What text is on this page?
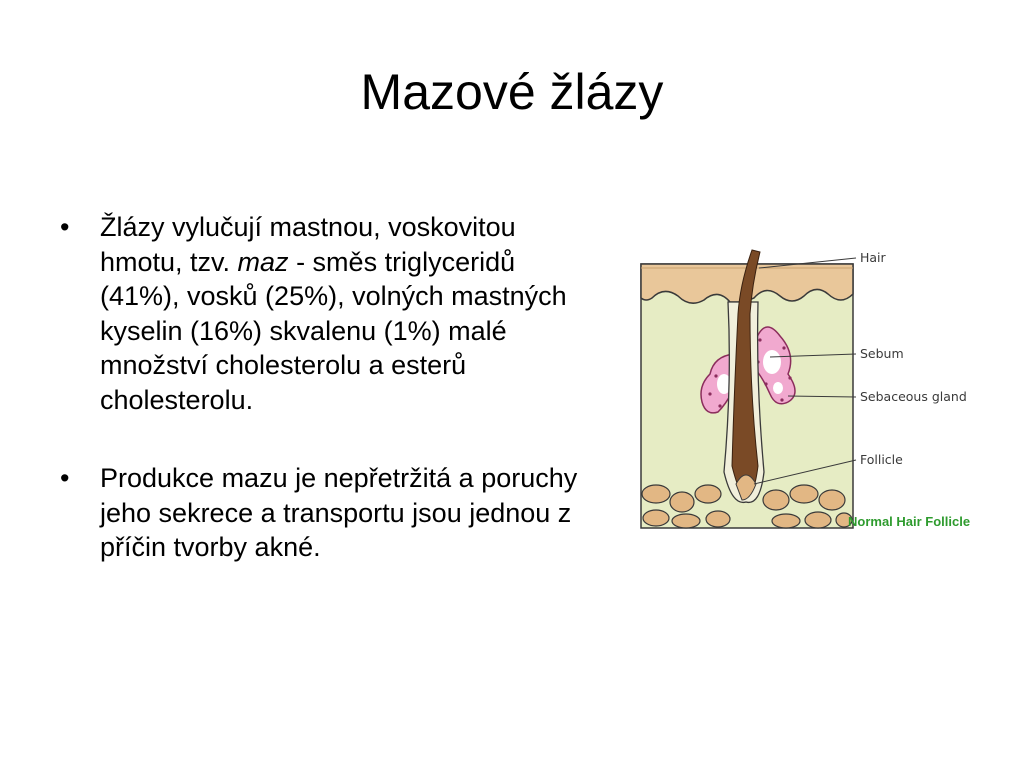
Mazové žlázy
• Žlázy vylučují mastnou, voskovitou hmotu, tzv. maz - směs triglyceridů (41%), vosků (25%), volných mastných kyselin (16%) skvalenu (1%) malé množství cholesterolu a esterů cholesterolu.
• Produkce mazu je nepřetržitá a poruchy jeho sekrece a transportu jsou jednou z příčin tvorby akné.
Hair
Sebum
Sebaceous gland
Follicle
Normal Hair Follicle
